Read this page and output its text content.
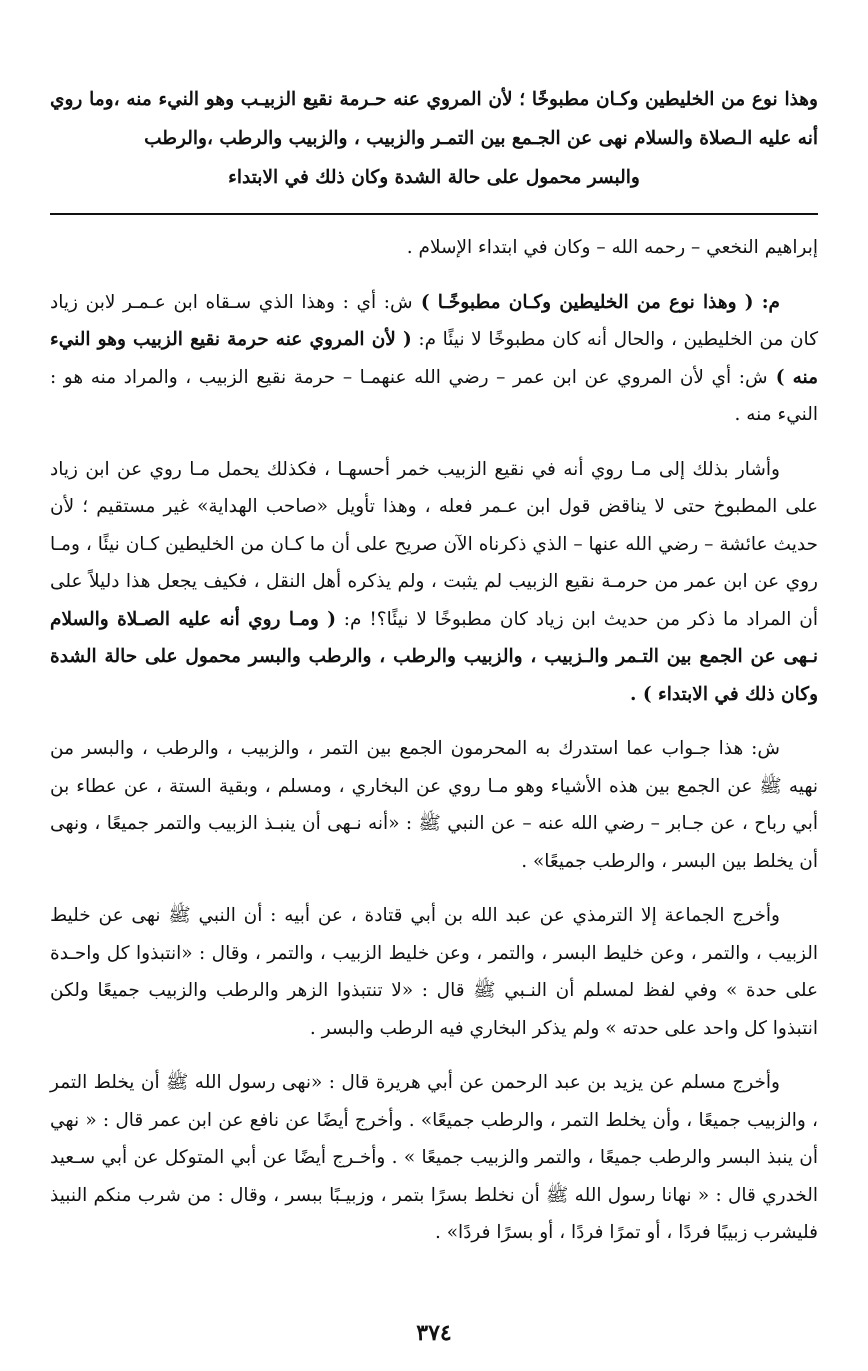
وهذا نوع من الخليطين وكـان مطبوخًا ؛ لأن المروي عنه حـرمة نقيع الزبيـب وهو النيء منه ،وما روي أنه عليه الـصلاة والسلام نهى عن الجـمع بين التمـر والزبيب ، والزبيب والرطب ،والرطب
والبسر محمول على حالة الشدة وكان ذلك في الابتداء

إبراهيم النخعي – رحمه الله – وكان في ابتداء الإسلام .

م: ( وهذا نوع من الخليطين وكـان مطبوخًـا ) ش: أي : وهذا الذي سـقاه ابن عـمـر لابن زياد كان من الخليطين ، والحال أنه كان مطبوخًا لا نيئًا م: ( لأن المروي عنه حرمة نقيع الزبيب وهو النيء منه ) ش: أي لأن المروي عن ابن عمر – رضي الله عنهمـا – حرمة نقيع الزبيب ، والمراد منه هو : النيء منه .

وأشار بذلك إلى مـا روي أنه في نقيع الزبيب خمر أحسهـا ، فكذلك يحمل مـا روي عن ابن زياد على المطبوخ حتى لا يناقض قول ابن عـمر فعله ، وهذا تأويل «صاحب الهداية» غير مستقيم ؛ لأن حديث عائشة – رضي الله عنها – الذي ذكرناه الآن صريح على أن ما كـان من الخليطين كـان نيئًا ، ومـا روي عن ابن عمر من حرمـة نقيع الزبيب لم يثبت ، ولم يذكره أهل النقل ، فكيف يجعل هذا دليلاً على أن المراد ما ذكر من حديث ابن زياد كان مطبوخًا لا نيئًا؟! م: ( ومـا روي أنه عليه الصـلاة والسلام نـهى عن الجمع بين التـمر والـزبيب ، والزبيب والرطب ، والرطب والبسر محمول على حالة الشدة وكان ذلك في الابتداء ) .

ش: هذا جـواب عما استدرك به المحرمون الجمع بين التمر ، والزبيب ، والرطب ، والبسر من نهيه ﷺ عن الجمع بين هذه الأشياء وهو مـا روي عن البخاري ، ومسلم ، وبقية الستة ، عن عطاء بن أبي رباح ، عن جـابر – رضي الله عنه – عن النبي ﷺ : «أنه نـهى أن ينبـذ الزبيب والتمر جميعًا ، ونهى أن يخلط بين البسر ، والرطب جميعًا» .

وأخرج الجماعة إلا الترمذي عن عبد الله بن أبي قتادة ، عن أبيه : أن النبي ﷺ نهى عن خليط الزبيب ، والتمر ، وعن خليط البسر ، والتمر ، وعن خليط الزبيب ، والتمر ، وقال : «انتبذوا كل واحـدة على حدة » وفي لفظ لمسلم أن النـبي ﷺ قال : «لا تنتبذوا الزهر والرطب والزبيب جميعًا ولكن انتبذوا كل واحد على حدته » ولم يذكر البخاري فيه الرطب والبسر .

وأخرج مسلم عن يزيد بن عبد الرحمن عن أبي هريرة قال : «نهى رسول الله ﷺ أن يخلط التمر ، والزبيب جميعًا ، وأن يخلط التمر ، والرطب جميعًا» . وأخرج أيضًا عن نافع عن ابن عمر قال : « نهي أن ينبذ البسر والرطب جميعًا ، والتمر والزبيب جميعًا » . وأخـرج أيضًا عن أبي المتوكل عن أبي سـعيد الخدري قال : « نهانا رسول الله ﷺ أن نخلط بسرًا بتمر ، وزبيـبًا ببسر ، وقال : من شرب منكم النبيذ فليشرب زبيبًا فردًا ، أو تمرًا فردًا ، أو بسرًا فردًا» .

٣٧٤
